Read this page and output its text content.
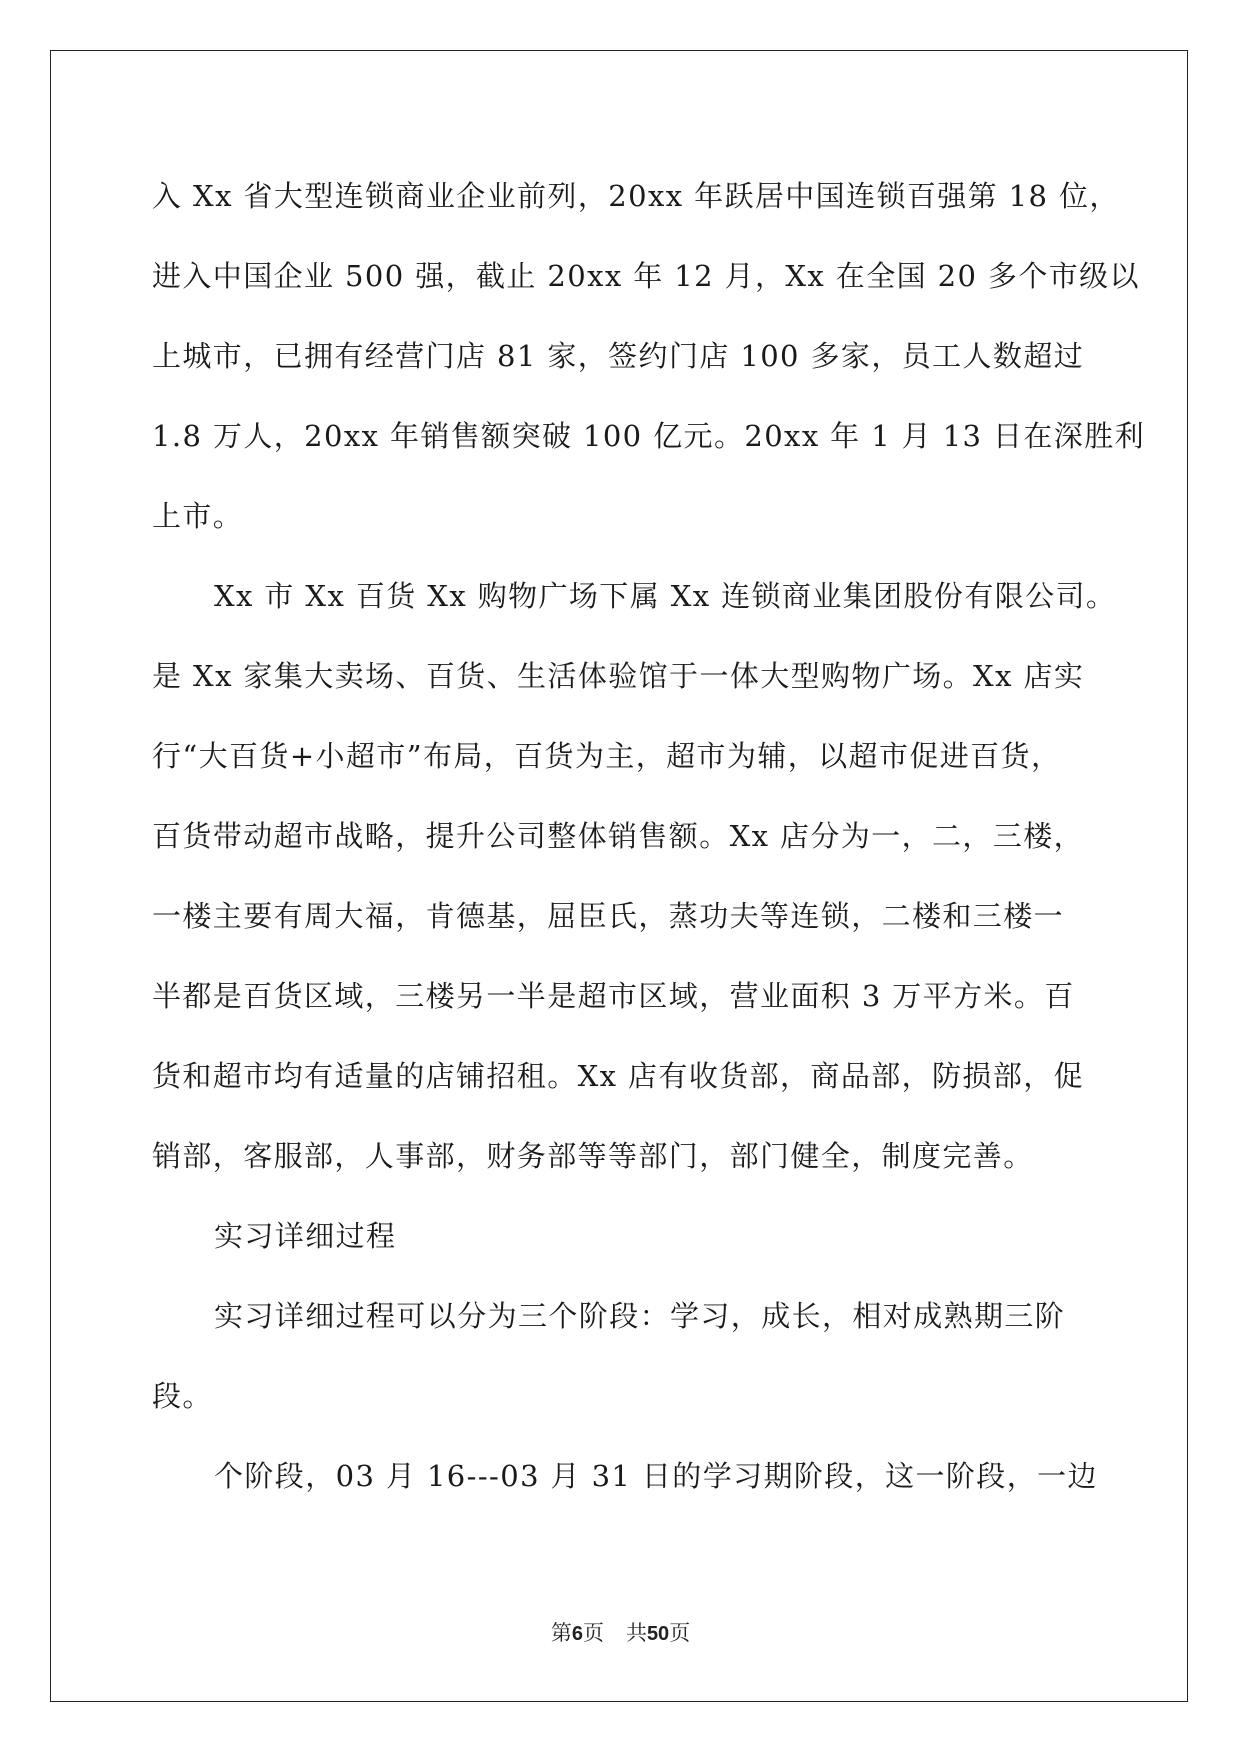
入 Xx 省大型连锁商业企业前列，20xx 年跃居中国连锁百强第 18 位，
进入中国企业 500 强，截止 20xx 年 12 月，Xx 在全国 20 多个市级以
上城市，已拥有经营门店 81 家，签约门店 100 多家，员工人数超过
1.8 万人，20xx 年销售额突破 100 亿元。20xx 年 1 月 13 日在深胜利
上市。
Xx 市 Xx 百货 Xx 购物广场下属 Xx 连锁商业集团股份有限公司。
是 Xx 家集大卖场、百货、生活体验馆于一体大型购物广场。Xx 店实
行“大百货+小超市”布局，百货为主，超市为辅，以超市促进百货，
百货带动超市战略，提升公司整体销售额。Xx 店分为一，二，三楼，
一楼主要有周大福，肯德基，屈臣氏，蒸功夫等连锁，二楼和三楼一
半都是百货区域，三楼另一半是超市区域，营业面积 3 万平方米。百
货和超市均有适量的店铺招租。Xx 店有收货部，商品部，防损部，促
销部，客服部，人事部，财务部等等部门，部门健全，制度完善。
实习详细过程
实习详细过程可以分为三个阶段：学习，成长，相对成熟期三阶
段。
个阶段，03 月 16---03 月 31 日的学习期阶段，这一阶段，一边
第6页 共50页
